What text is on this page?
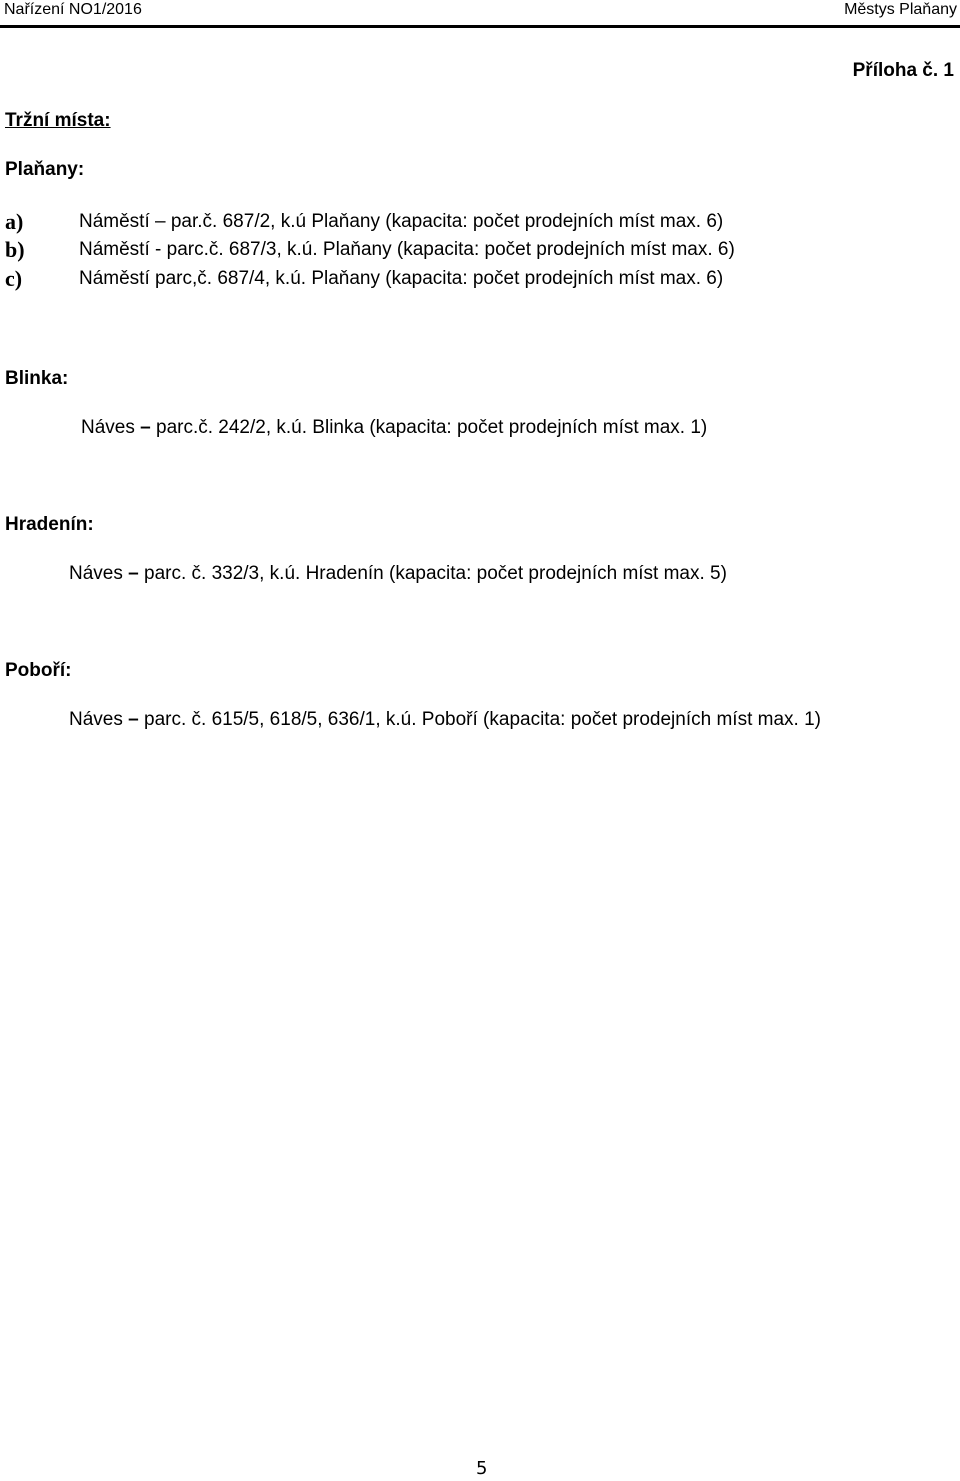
Nařízení NO1/2016	Městys Plaňany
Příloha č. 1
Tržní místa:
Plaňany:
a)	Náměstí – par.č. 687/2, k.ú Plaňany (kapacita: počet prodejních míst max. 6)
b)	Náměstí - parc.č. 687/3, k.ú. Plaňany (kapacita: počet prodejních míst max. 6)
c)	Náměstí parc,č. 687/4, k.ú. Plaňany (kapacita: počet prodejních míst max. 6)
Blinka:
Náves – parc.č. 242/2, k.ú. Blinka (kapacita: počet prodejních míst max. 1)
Hradenín:
Náves – parc. č. 332/3, k.ú. Hradenín (kapacita: počet prodejních míst max. 5)
Poboří:
Náves – parc. č. 615/5, 618/5, 636/1, k.ú. Poboří (kapacita: počet prodejních míst max. 1)
5
